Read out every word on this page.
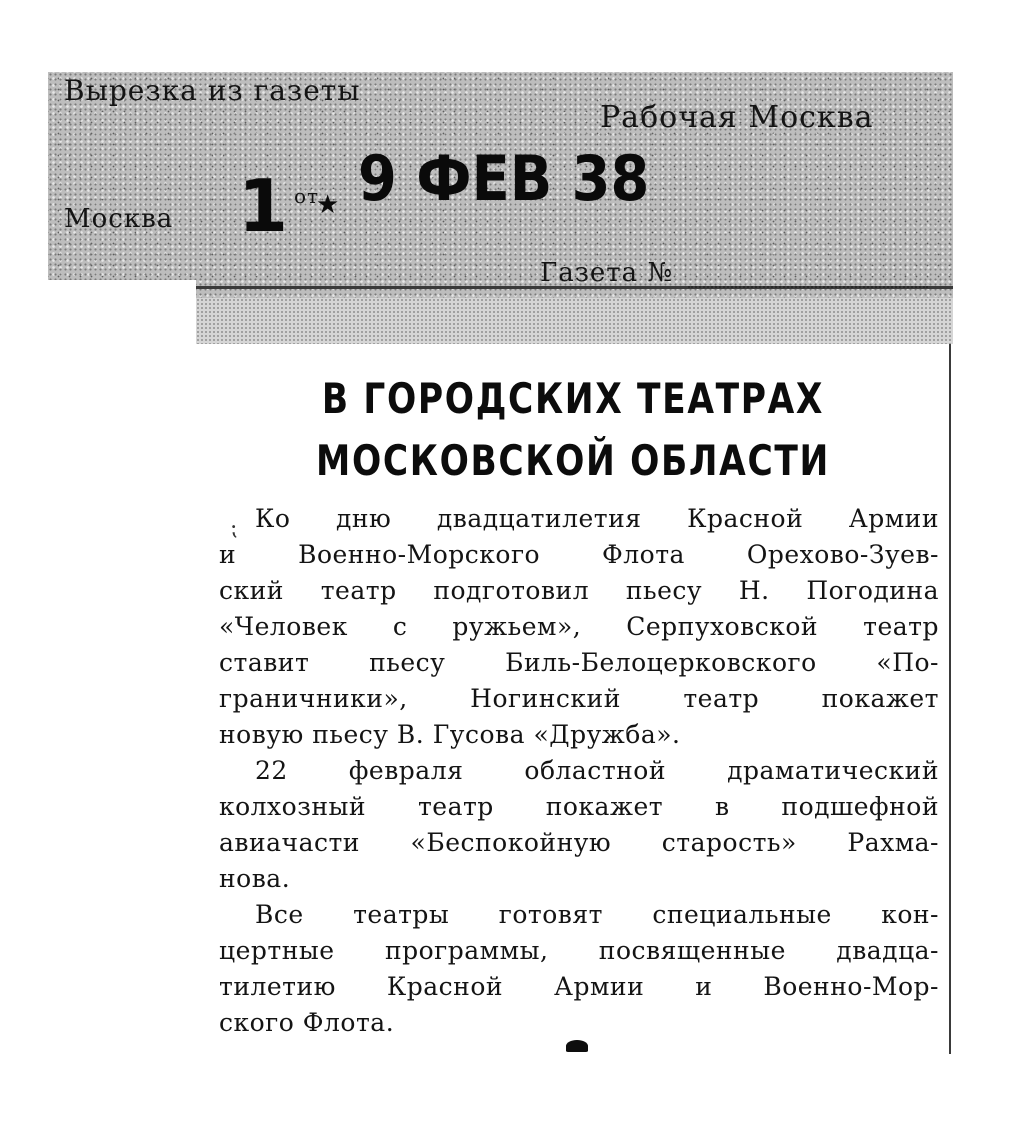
Вырезка из газеты
Рабочая Москва
Москва 1 от
★ 9 ФЕВ 38
Газета №
В ГОРОДСКИХ ТЕАТРАХ
МОСКОВСКОЙ ОБЛАСТИ
Ко дню двадцатилетия Красной Армии
и Военно-Морского Флота Орехово-Зуев-
ский театр подготовил пьесу Н. Погодина
«Человек с ружьем», Серпуховской театр
ставит пьесу Биль-Белоцерковского «По-
граничники», Ногинский театр покажет
новую пьесу В. Гусова «Дружба».
22 февраля областной драматический
колхозный театр покажет в подшефной
авиачасти «Беспокойную старость» Рахма-
нова.
Все театры готовят специальные кон-
цертные программы, посвященные двадца-
тилетию Красной Армии и Военно-Мор-
ского Флота.
⁏
